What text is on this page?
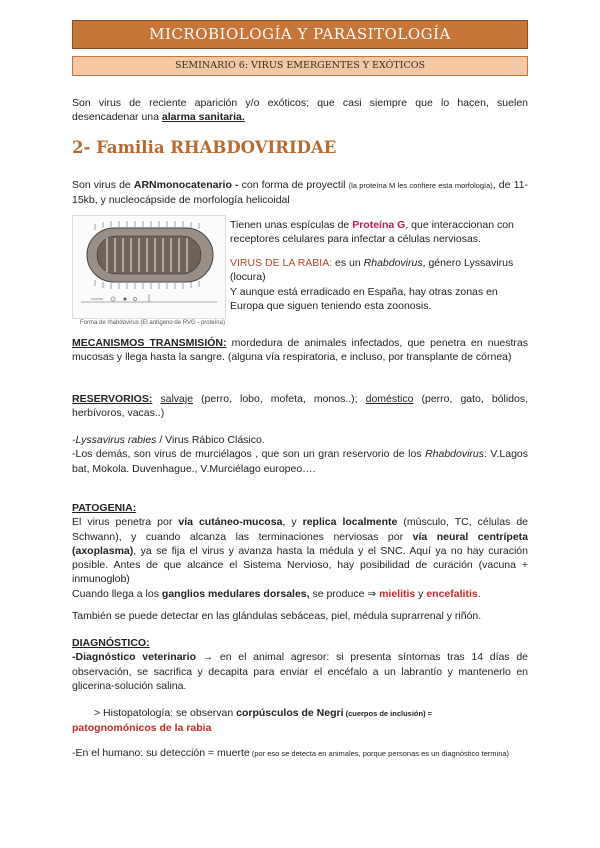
MICROBIOLOGÍA Y PARASITOLOGÍA
SEMINARIO 6: VIRUS EMERGENTES Y EXÓTICOS

Son virus de reciente aparición y/o exóticos; que casi siempre que lo hacen, suelen desencadenar una alarma sanitaria.

2- Familia RHABDOVIRIDAE

Son virus de ARNmonocatenario - con forma de proyectil (la proteína M les confiere esta morfología), de 11-15kb, y nucleocápside de morfología helicoidal

Forma de rhabdovirus (El antígeno de RVG - proteína)

Tienen unas espículas de Proteína G, que interaccionan con receptores celulares para infectar a células nerviosas.

VIRUS DE LA RABIA: es un Rhabdovirus, género Lyssavirus (locura)
Y aunque está erradicado en España, hay otras zonas en Europa que siguen teniendo esta zoonosis.

MECANISMOS TRANSMISIÓN: mordedura de animales infectados, que penetra en nuestras mucosas y llega hasta la sangre. (alguna vía respiratoria, e incluso, por transplante de córnea)

RESERVORIOS: salvaje (perro, lobo, mofeta, monos..); doméstico (perro, gato, bólidos, herbívoros, vacas..)

-Lyssavirus rabies / Virus Rábico Clásico.
-Los demás, son virus de murciélagos , que son un gran reservorio de los Rhabdovirus: V.Lagos bat, Mokola. Duvenhague., V.Murciélago europeo….

PATOGENIA:
El virus penetra por vía cutáneo-mucosa, y replica localmente (músculo, TC, células de Schwann), y cuando alcanza las terminaciones nerviosas por vía neural centrípeta (axoplasma), ya se fija el virus y avanza hasta la médula y el SNC. Aquí ya no hay curación posible. Antes de que alcance el Sistema Nervioso, hay posibilidad de curación (vacuna + inmunoglob)
Cuando llega a los ganglios medulares dorsales, se produce ⇒ mielitis y encefalitis.

También se puede detectar en las glándulas sebáceas, piel, médula suprarrenal y riñón.

DIAGNÓSTICO:
-Diagnóstico veterinario → en el animal agresor: si presenta síntomas tras 14 días de observación, se sacrifica y decapita para enviar el encéfalo a un labrantío y mantenerlo en glicerina-solución salina.

> Histopatología: se observan corpúsculos de Negri (cuerpos de inclusión) =
patognomónicos de la rabia

-En el humano: su detección = muerte (por eso se detecta en animales, porque personas es un diagnóstico termina)
